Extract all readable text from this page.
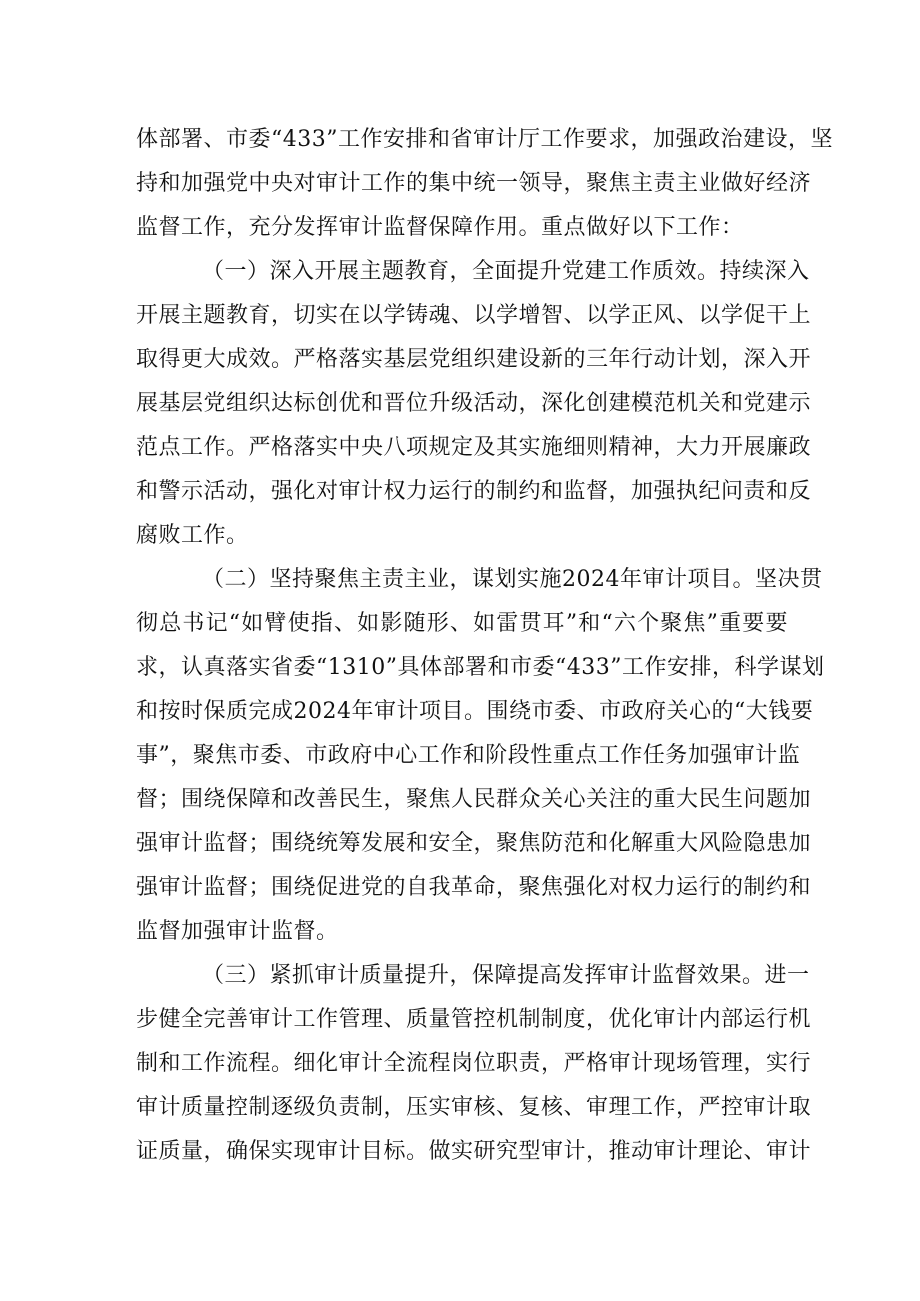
体部署、市委“433”工作安排和省审计厅工作要求，加强政治建设，坚
持和加强党中央对审计工作的集中统一领导，聚焦主责主业做好经济
监督工作，充分发挥审计监督保障作用。重点做好以下工作：
（一）深入开展主题教育，全面提升党建工作质效。持续深入
开展主题教育，切实在以学铸魂、以学增智、以学正风、以学促干上
取得更大成效。严格落实基层党组织建设新的三年行动计划，深入开
展基层党组织达标创优和晋位升级活动，深化创建模范机关和党建示
范点工作。严格落实中央八项规定及其实施细则精神，大力开展廉政
和警示活动，强化对审计权力运行的制约和监督，加强执纪问责和反
腐败工作。
（二）坚持聚焦主责主业，谋划实施2024年审计项目。坚决贯
彻总书记“如臂使指、如影随形、如雷贯耳”和“六个聚焦”重要要
求，认真落实省委“1310”具体部署和市委“433”工作安排，科学谋划
和按时保质完成2024年审计项目。围绕市委、市政府关心的“大钱要
事”，聚焦市委、市政府中心工作和阶段性重点工作任务加强审计监
督；围绕保障和改善民生，聚焦人民群众关心关注的重大民生问题加
强审计监督；围绕统筹发展和安全，聚焦防范和化解重大风险隐患加
强审计监督；围绕促进党的自我革命，聚焦强化对权力运行的制约和
监督加强审计监督。
（三）紧抓审计质量提升，保障提高发挥审计监督效果。进一
步健全完善审计工作管理、质量管控机制制度，优化审计内部运行机
制和工作流程。细化审计全流程岗位职责，严格审计现场管理，实行
审计质量控制逐级负责制，压实审核、复核、审理工作，严控审计取
证质量，确保实现审计目标。做实研究型审计，推动审计理论、审计
